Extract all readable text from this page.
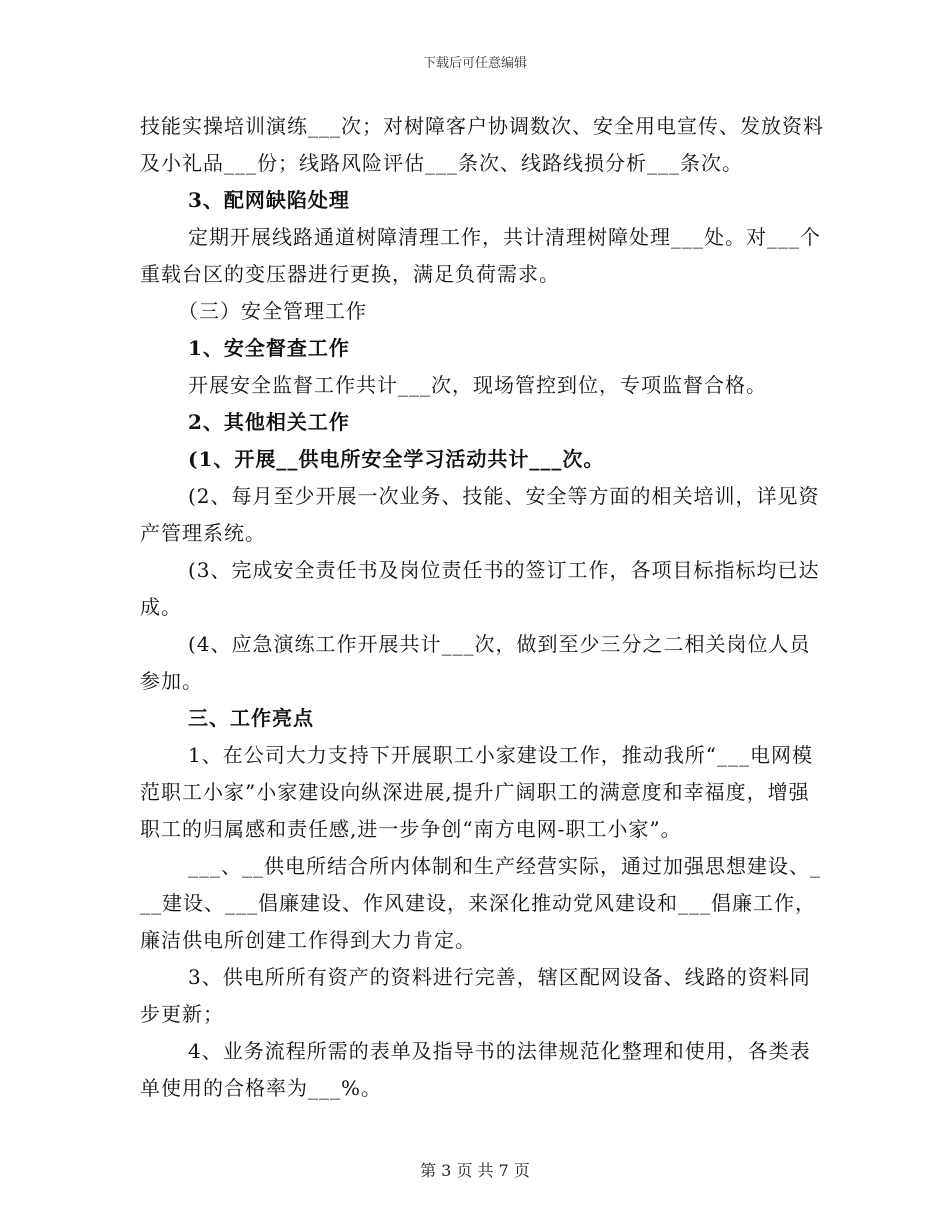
下载后可任意编辑

技能实操培训演练___次；对树障客户协调数次、安全用电宣传、发放资料及小礼品___份；线路风险评估___条次、线路线损分析___条次。

3、配网缺陷处理

定期开展线路通道树障清理工作，共计清理树障处理___处。对___个重载台区的变压器进行更换，满足负荷需求。

（三）安全管理工作

1、安全督查工作

开展安全监督工作共计___次，现场管控到位，专项监督合格。

2、其他相关工作

(1、开展__供电所安全学习活动共计___次。

(2、每月至少开展一次业务、技能、安全等方面的相关培训，详见资产管理系统。

(3、完成安全责任书及岗位责任书的签订工作，各项目标指标均已达成。

(4、应急演练工作开展共计___次，做到至少三分之二相关岗位人员参加。

三、工作亮点

1、在公司大力支持下开展职工小家建设工作，推动我所“___电网模范职工小家”小家建设向纵深进展,提升广阔职工的满意度和幸福度，增强职工的归属感和责任感,进一步争创“南方电网-职工小家”。

___、__供电所结合所内体制和生产经营实际，通过加强思想建设、___建设、___倡廉建设、作风建设，来深化推动党风建设和___倡廉工作，廉洁供电所创建工作得到大力肯定。

3、供电所所有资产的资料进行完善，辖区配网设备、线路的资料同步更新；

4、业务流程所需的表单及指导书的法律规范化整理和使用，各类表单使用的合格率为___%。

第 3 页 共 7 页
